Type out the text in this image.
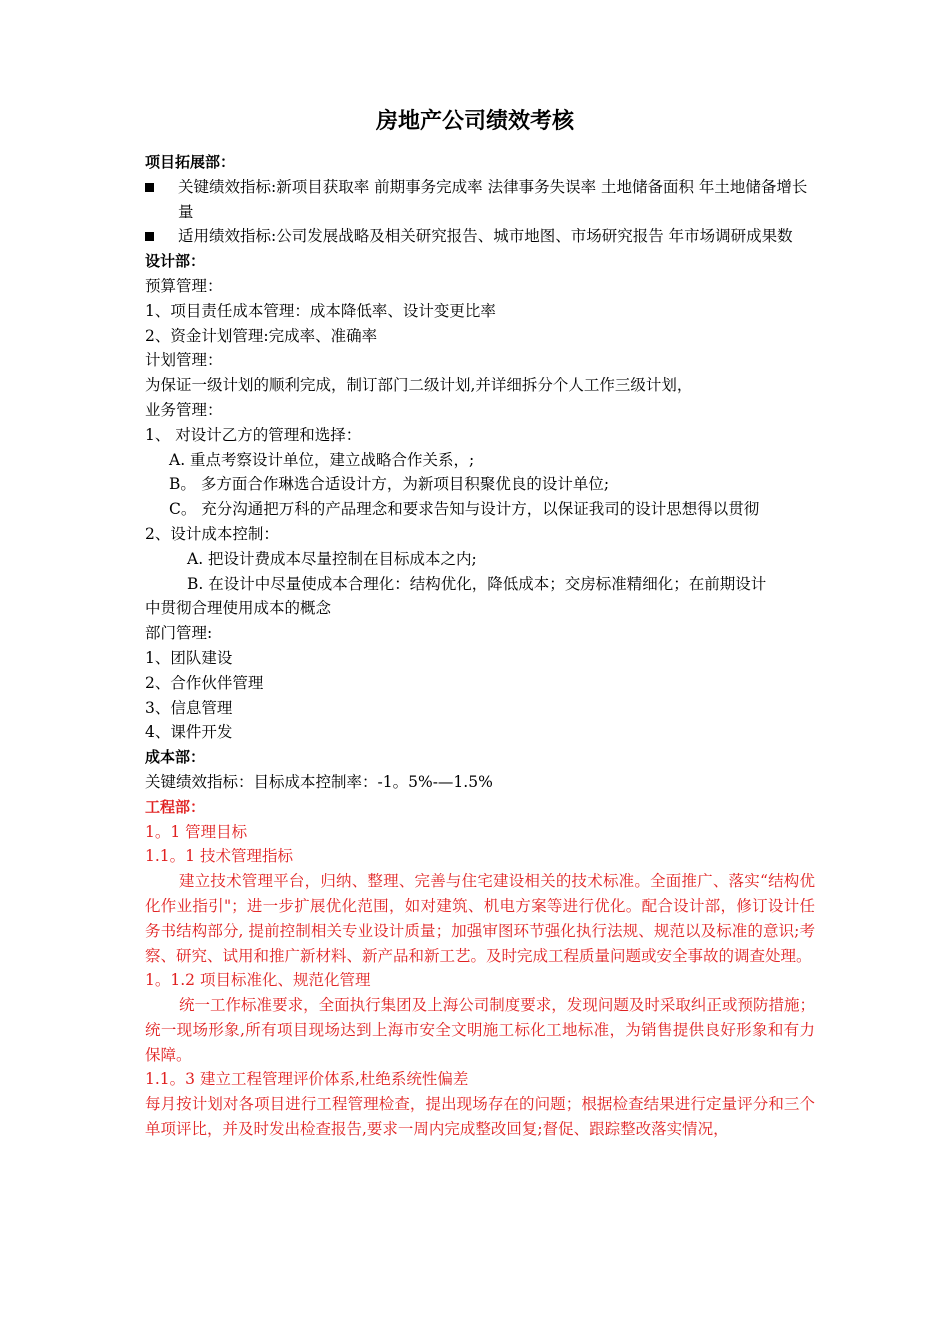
房地产公司绩效考核
项目拓展部：
关键绩效指标:新项目获取率 前期事务完成率 法律事务失误率 土地储备面积 年土地储备增长量
适用绩效指标:公司发展战略及相关研究报告、城市地图、市场研究报告 年市场调研成果数
设计部：
预算管理：
1、项目责任成本管理：成本降低率、设计变更比率
2、资金计划管理:完成率、准确率
计划管理：
为保证一级计划的顺利完成，制订部门二级计划,并详细拆分个人工作三级计划，
业务管理：
1、 对设计乙方的管理和选择：
A. 重点考察设计单位，建立战略合作关系，;
B。 多方面合作琳选合适设计方，为新项目积聚优良的设计单位;
C。 充分沟通把万科的产品理念和要求告知与设计方，以保证我司的设计思想得以贯彻
2、设计成本控制：
A. 把设计费成本尽量控制在目标成本之内;
B. 在设计中尽量使成本合理化：结构优化，降低成本；交房标准精细化；在前期设计
中贯彻合理使用成本的概念
部门管理:
1、团队建设
2、合作伙伴管理
3、信息管理
4、课件开发
成本部：
关键绩效指标：目标成本控制率：-1。5%-—1.5%
工程部：
1。1 管理目标
1.1。1 技术管理指标
建立技术管理平台，归纳、整理、完善与住宅建设相关的技术标准。全面推广、落实“结构优化作业指引"；进一步扩展优化范围，如对建筑、机电方案等进行优化。配合设计部，修订设计任务书结构部分, 提前控制相关专业设计质量；加强审图环节强化执行法规、规范以及标准的意识;考察、研究、试用和推广新材料、新产品和新工艺。及时完成工程质量问题或安全事故的调查处理。
1。1.2 项目标准化、规范化管理
统一工作标准要求，全面执行集团及上海公司制度要求，发现问题及时采取纠正或预防措施；统一现场形象,所有项目现场达到上海市安全文明施工标化工地标准，为销售提供良好形象和有力保障。
1.1。3 建立工程管理评价体系,杜绝系统性偏差
每月按计划对各项目进行工程管理检查，提出现场存在的问题；根据检查结果进行定量评分和三个单项评比，并及时发出检查报告,要求一周内完成整改回复;督促、跟踪整改落实情况，
